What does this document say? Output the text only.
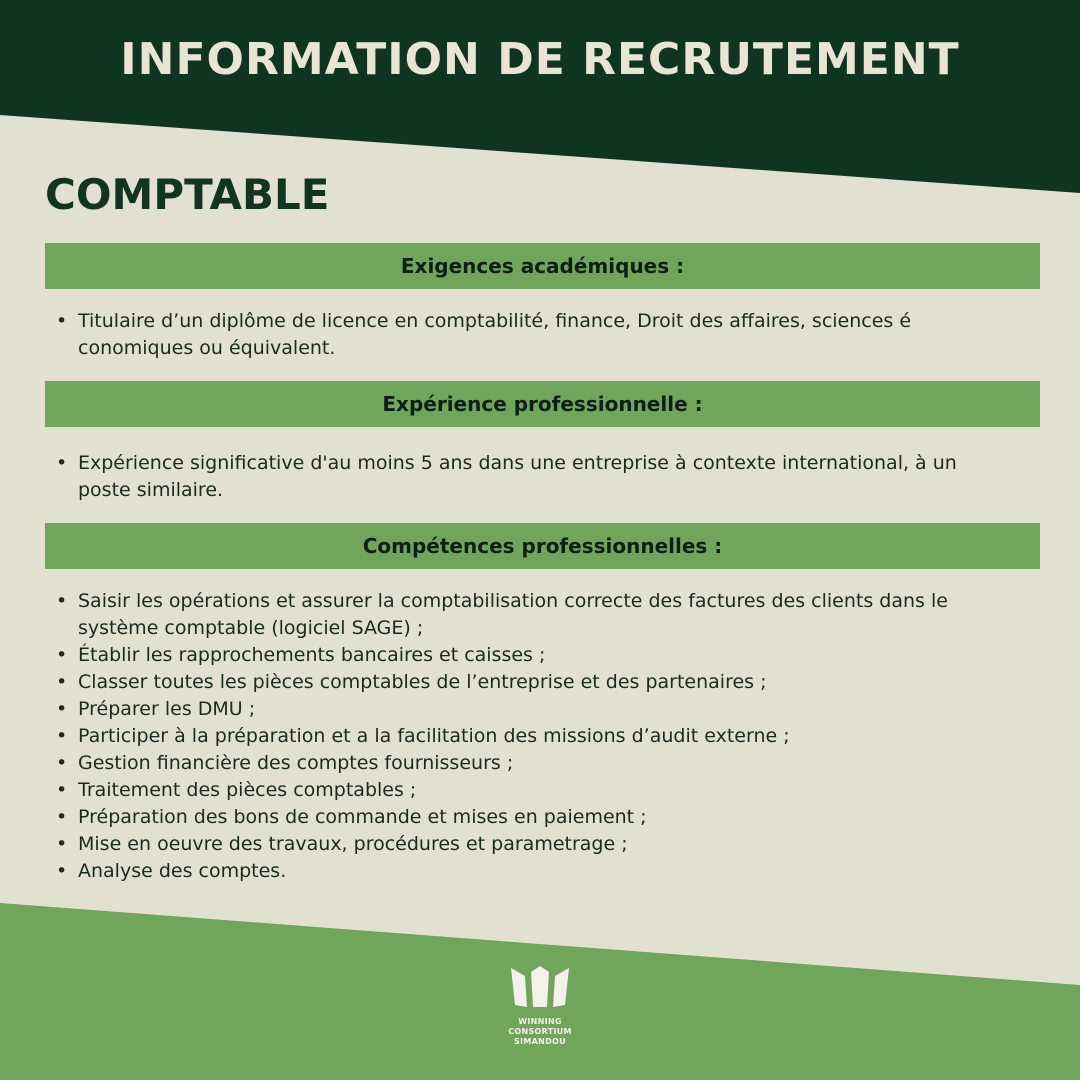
INFORMATION DE RECRUTEMENT
COMPTABLE
Exigences académiques :
• Titulaire d’un diplôme de licence en comptabilité, finance, Droit des affaires, sciences é conomiques ou équivalent.
Expérience professionnelle :
• Expérience significative d'au moins 5 ans dans une entreprise à contexte international, à un poste similaire.
Compétences professionnelles :
• Saisir les opérations et assurer la comptabilisation correcte des factures des clients dans le système comptable (logiciel SAGE) ;
• Établir les rapprochements bancaires et caisses ;
• Classer toutes les pièces comptables de l’entreprise et des partenaires ;
• Préparer les DMU ;
• Participer à la préparation et a la facilitation des missions d’audit externe ;
• Gestion financière des comptes fournisseurs ;
• Traitement des pièces comptables ;
• Préparation des bons de commande et mises en paiement ;
• Mise en oeuvre des travaux, procédures et parametrage ;
• Analyse des comptes.
WINNING
CONSORTIUM
SIMANDOU
